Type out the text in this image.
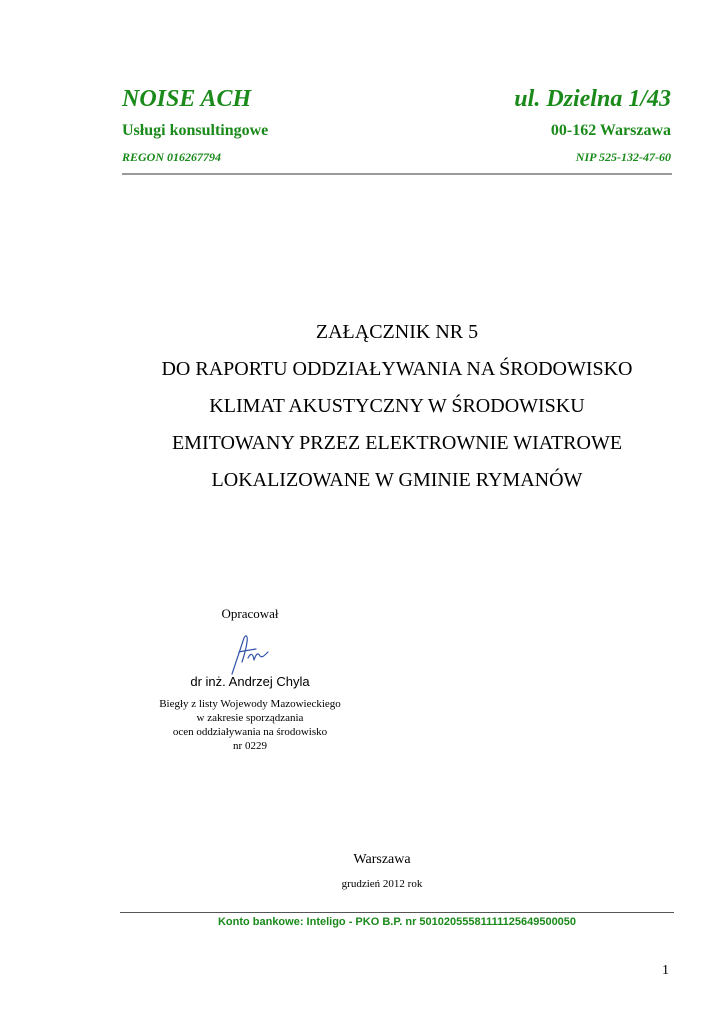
NOISE ACH	ul. Dzielna 1/43
Usługi konsultingowe	00-162 Warszawa
REGON 016267794	NIP 525-132-47-60
ZAŁĄCZNIK NR 5
DO RAPORTU ODDZIAŁYWANIA NA ŚRODOWISKO
KLIMAT AKUSTYCZNY W ŚRODOWISKU
EMITOWANY PRZEZ ELEKTROWNIE WIATROWE
LOKALIZOWANE W GMINIE RYMANÓW
Opracował
dr inż. Andrzej Chyla
Biegły z listy Wojewody Mazowieckiego
w zakresie sporządzania
ocen oddziaływania na środowisko
nr 0229
Warszawa
grudzień 2012 rok
Konto bankowe: Inteligo - PKO B.P. nr 50102055581111125649500050
1
